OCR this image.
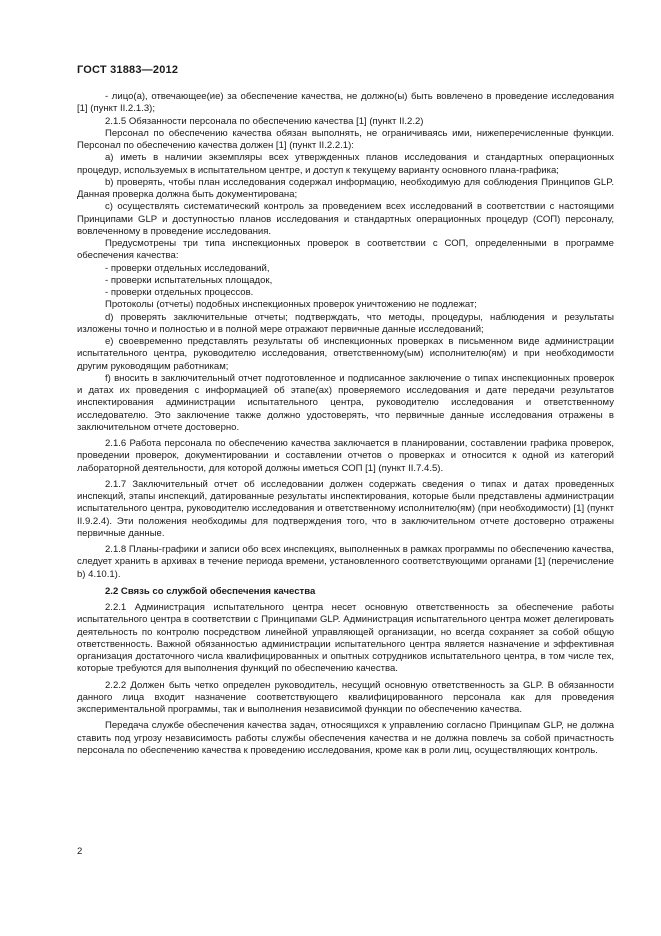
ГОСТ 31883—2012

- лицо(а), отвечающее(ие) за обеспечение качества, не должно(ы) быть вовлечено в проведение исследования [1] (пункт II.2.1.3);

2.1.5 Обязанности персонала по обеспечению качества [1] (пункт II.2.2)

Персонал по обеспечению качества обязан выполнять, не ограничиваясь ими, нижеперечисленные функции. Персонал по обеспечению качества должен [1] (пункт II.2.2.1):

а) иметь в наличии экземпляры всех утвержденных планов исследования и стандартных операционных процедур, используемых в испытательном центре, и доступ к текущему варианту основного плана-графика;

b) проверять, чтобы план исследования содержал информацию, необходимую для соблюдения Принципов GLP. Данная проверка должна быть документирована;

c) осуществлять систематический контроль за проведением всех исследований в соответствии с настоящими Принципами GLP и доступностью планов исследования и стандартных операционных процедур (СОП) персоналу, вовлеченному в проведение исследования.

Предусмотрены три типа инспекционных проверок в соответствии с СОП, определенными в программе обеспечения качества:

- проверки отдельных исследований,

- проверки испытательных площадок,

- проверки отдельных процессов.

Протоколы (отчеты) подобных инспекционных проверок уничтожению не подлежат;

d) проверять заключительные отчеты; подтверждать, что методы, процедуры, наблюдения и результаты изложены точно и полностью и в полной мере отражают первичные данные исследований;

е) своевременно представлять результаты об инспекционных проверках в письменном виде администрации испытательного центра, руководителю исследования, ответственному(ым) исполнителю(ям) и при необходимости другим руководящим работникам;

f) вносить в заключительный отчет подготовленное и подписанное заключение о типах инспекционных проверок и датах их проведения с информацией об этапе(ах) проверяемого исследования и дате передачи результатов инспектирования администрации испытательного центра, руководителю исследования и ответственному исследователю. Это заключение также должно удостоверять, что первичные данные исследования отражены в заключительном отчете достоверно.

2.1.6 Работа персонала по обеспечению качества заключается в планировании, составлении графика проверок, проведении проверок, документировании и составлении отчетов о проверках и относится к одной из категорий лабораторной деятельности, для которой должны иметься СОП [1] (пункт II.7.4.5).

2.1.7 Заключительный отчет об исследовании должен содержать сведения о типах и датах проведенных инспекций, этапы инспекций, датированные результаты инспектирования, которые были представлены администрации испытательного центра, руководителю исследования и ответственному исполнителю(ям) (при необходимости) [1] (пункт II.9.2.4). Эти положения необходимы для подтверждения того, что в заключительном отчете достоверно отражены первичные данные.

2.1.8 Планы-графики и записи обо всех инспекциях, выполненных в рамках программы по обеспечению качества, следует хранить в архивах в течение периода времени, установленного соответствующими органами [1] (перечисление b) 4.10.1).

2.2 Связь со службой обеспечения качества

2.2.1 Администрация испытательного центра несет основную ответственность за обеспечение работы испытательного центра в соответствии с Принципами GLP. Администрация испытательного центра может делегировать деятельность по контролю посредством линейной управляющей организации, но всегда сохраняет за собой общую ответственность. Важной обязанностью администрации испытательного центра является назначение и эффективная организация достаточного числа квалифицированных и опытных сотрудников испытательного центра, в том числе тех, которые требуются для выполнения функций по обеспечению качества.

2.2.2 Должен быть четко определен руководитель, несущий основную ответственность за GLP. В обязанности данного лица входит назначение соответствующего квалифицированного персонала как для проведения экспериментальной программы, так и выполнения независимой функции по обеспечению качества.

Передача службе обеспечения качества задач, относящихся к управлению согласно Принципам GLP, не должна ставить под угрозу независимость работы службы обеспечения качества и не должна повлечь за собой причастность персонала по обеспечению качества к проведению исследования, кроме как в роли лиц, осуществляющих контроль.

2
